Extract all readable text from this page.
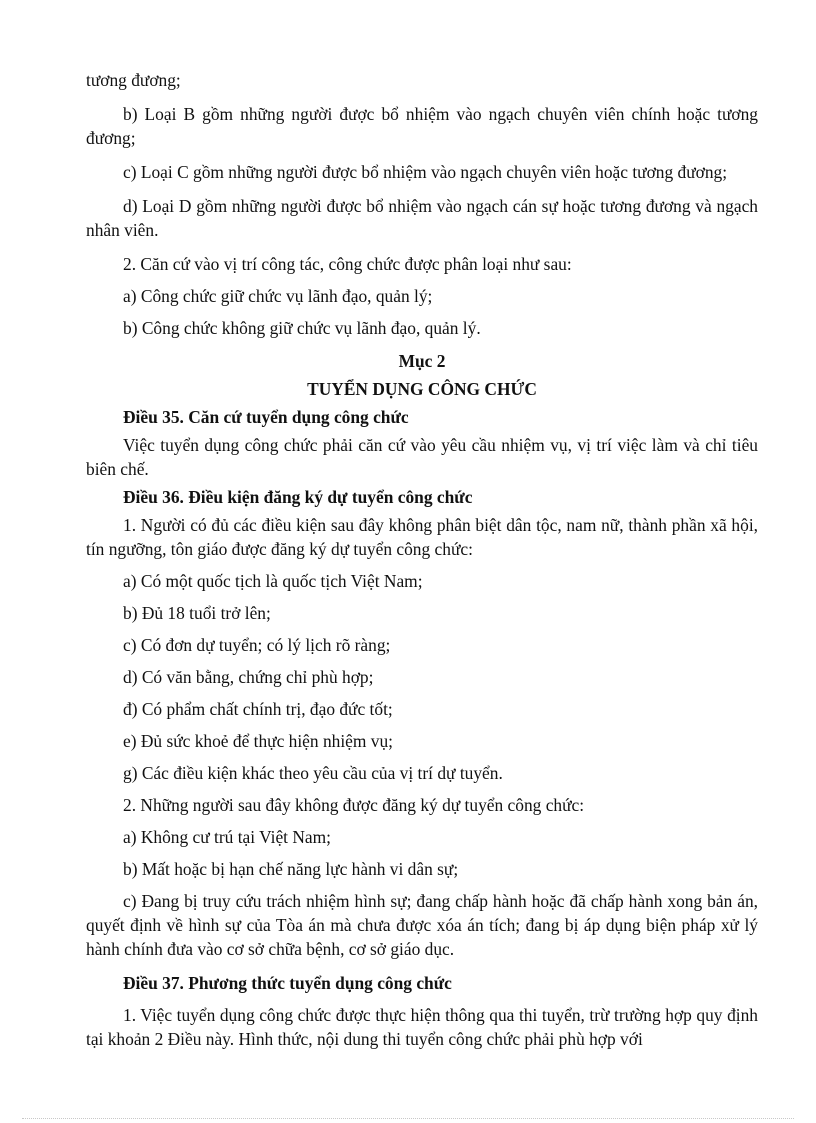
tương đương;

b) Loại B gồm những người được bổ nhiệm vào ngạch chuyên viên chính hoặc tương đương;

c) Loại C gồm những người được bổ nhiệm vào ngạch chuyên viên hoặc tương đương;

d) Loại D gồm những người được bổ nhiệm vào ngạch cán sự hoặc tương đương và ngạch nhân viên.

2. Căn cứ vào vị trí công tác, công chức được phân loại như sau:

a) Công chức giữ chức vụ lãnh đạo, quản lý;

b) Công chức không giữ chức vụ lãnh đạo, quản lý.

Mục 2

TUYỂN DỤNG CÔNG CHỨC

Điều 35. Căn cứ tuyển dụng công chức

Việc tuyển dụng công chức phải căn cứ vào yêu cầu nhiệm vụ, vị trí việc làm và chỉ tiêu biên chế.

Điều 36. Điều kiện đăng ký dự tuyển công chức

1. Người có đủ các điều kiện sau đây không phân biệt dân tộc, nam nữ, thành phần xã hội, tín ngưỡng, tôn giáo được đăng ký dự tuyển công chức:

a) Có một quốc tịch là quốc tịch Việt Nam;

b) Đủ 18 tuổi trở lên;

c) Có đơn dự tuyển; có lý lịch rõ ràng;

d) Có văn bằng, chứng chỉ phù hợp;

đ) Có phẩm chất chính trị, đạo đức tốt;

e) Đủ sức khoẻ để thực hiện nhiệm vụ;

g) Các điều kiện khác theo yêu cầu của vị trí dự tuyển.

2. Những người sau đây không được đăng ký dự tuyển công chức:

a) Không cư trú tại Việt Nam;

b) Mất hoặc bị hạn chế năng lực hành vi dân sự;

c) Đang bị truy cứu trách nhiệm hình sự; đang chấp hành hoặc đã chấp hành xong bản án, quyết định về hình sự của Tòa án mà chưa được xóa án tích; đang bị áp dụng biện pháp xử lý hành chính đưa vào cơ sở chữa bệnh, cơ sở giáo dục.

Điều 37. Phương thức tuyển dụng công chức

1. Việc tuyển dụng công chức được thực hiện thông qua thi tuyển, trừ trường hợp quy định tại khoản 2 Điều này. Hình thức, nội dung thi tuyển công chức phải phù hợp với
